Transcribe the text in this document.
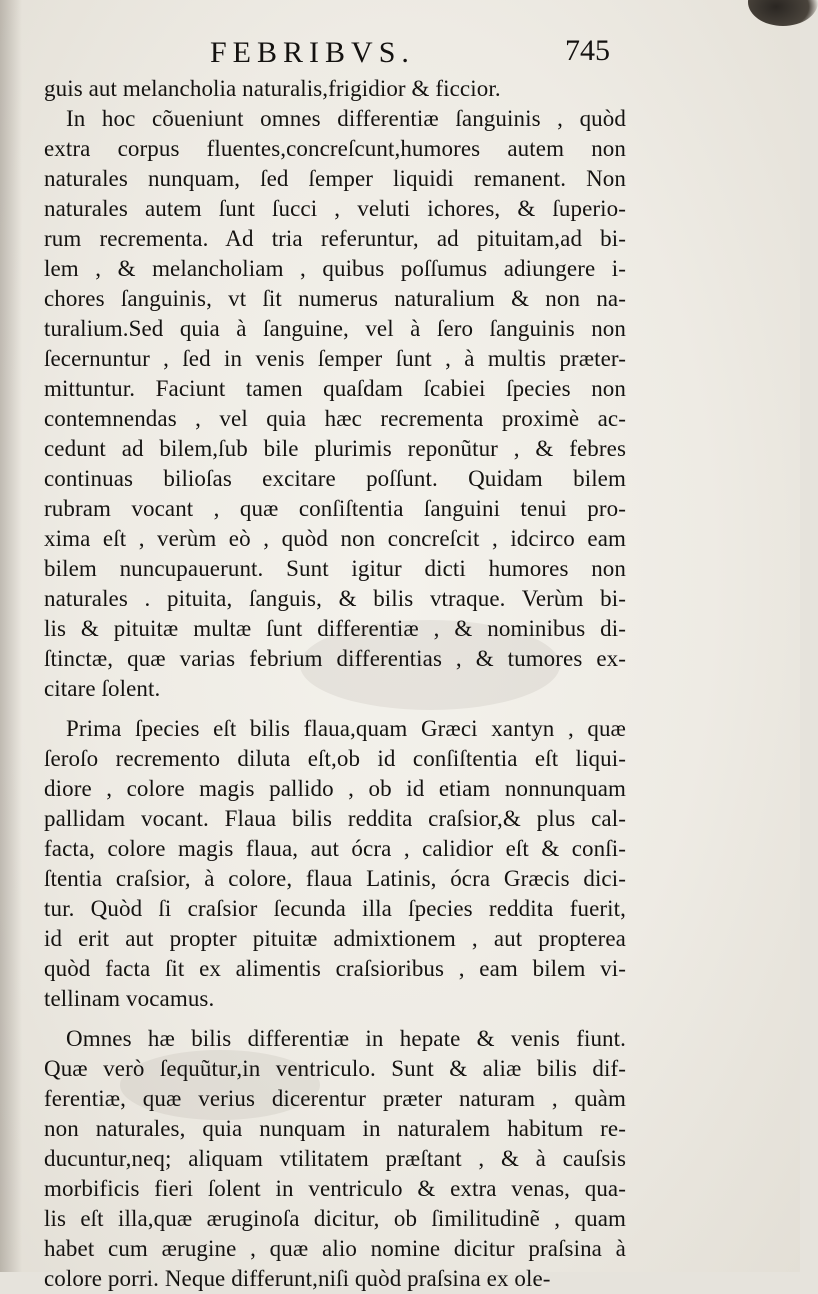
FEBRIBVS.	745
guis aut melancholia naturalis,frigidior & ficcior.
In hoc cõueniunt omnes differentiæ ſanguinis , quòd
extra corpus fluentes,concreſcunt,humores autem non
naturales nunquam, ſed ſemper liquidi remanent. Non
naturales autem ſunt ſucci , veluti ichores, & ſuperio-
rum recrementa. Ad tria referuntur, ad pituitam,ad bi-
lem , & melancholiam , quibus poſſumus adiungere i-
chores ſanguinis, vt ſit numerus naturalium & non na-
turalium.Sed quia à ſanguine, vel à ſero ſanguinis non
ſecernuntur , ſed in venis ſemper ſunt , à multis præter-
mittuntur. Faciunt tamen quaſdam ſcabiei ſpecies non
contemnendas , vel quia hæc recrementa proximè ac-
cedunt ad bilem,ſub bile plurimis reponũtur , & febres
continuas bilioſas excitare poſſunt. Quidam bilem
rubram vocant , quæ conſiſtentia ſanguini tenui pro-
xima eſt , verùm eò , quòd non concreſcit , idcirco eam
bilem nuncupauerunt. Sunt igitur dicti humores non
naturales . pituita, ſanguis, & bilis vtraque. Verùm bi-
lis & pituitæ multæ ſunt differentiæ , & nominibus di-
ſtinctæ, quæ varias febrium differentias , & tumores ex-
citare ſolent.
Prima ſpecies eſt bilis flaua,quam Græci xantyn , quæ
ſeroſo recremento diluta eſt,ob id conſiſtentia eſt liqui-
diore , colore magis pallido , ob id etiam nonnunquam
pallidam vocant. Flaua bilis reddita craſsior,& plus cal-
facta, colore magis flaua, aut ócra , calidior eſt & conſi-
ſtentia craſsior, à colore, flaua Latinis, ócra Græcis dici-
tur. Quòd ſi craſsior ſecunda illa ſpecies reddita fuerit,
id erit aut propter pituitæ admixtionem , aut propterea
quòd facta ſit ex alimentis craſsioribus , eam bilem vi-
tellinam vocamus.
Omnes hæ bilis differentiæ in hepate & venis fiunt.
Quæ verò ſequũtur,in ventriculo. Sunt & aliæ bilis dif-
ferentiæ, quæ verius dicerentur præter naturam , quàm
non naturales, quia nunquam in naturalem habitum re-
ducuntur,neq; aliquam vtilitatem præſtant , & à cauſsis
morbificis fieri ſolent in ventriculo & extra venas, qua-
lis eſt illa,quæ æruginoſa dicitur, ob ſimilitudinẽ , quam
habet cum ærugine , quæ alio nomine dicitur praſsina à
colore porri. Neque differunt,niſi quòd praſsina ex ole-
